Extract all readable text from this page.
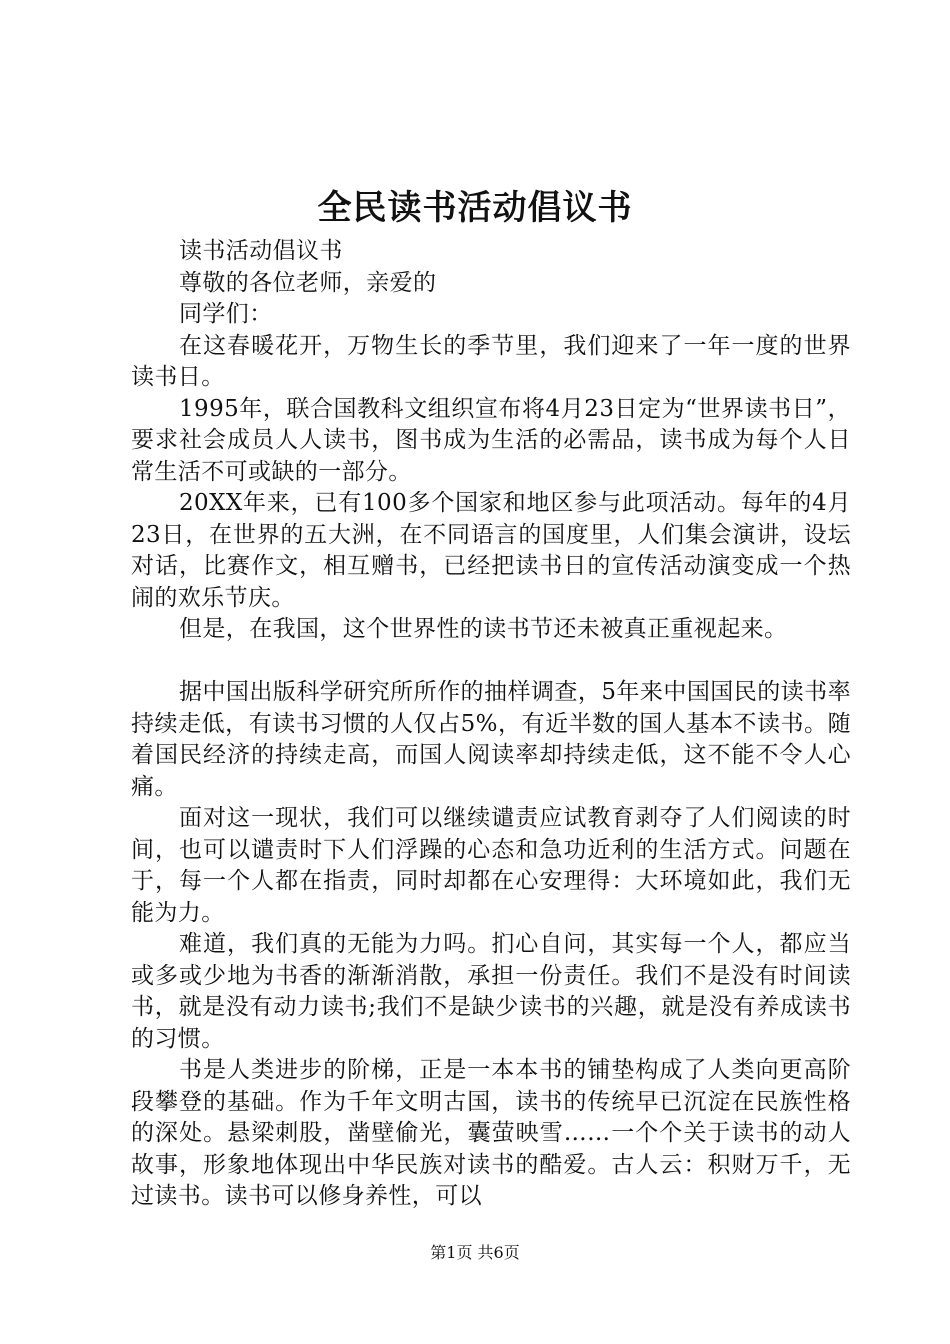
全民读书活动倡议书

读书活动倡议书

尊敬的各位老师，亲爱的

同学们：

在这春暖花开，万物生长的季节里，我们迎来了一年一度的世界读书日。

1995年，联合国教科文组织宣布将4月23日定为“世界读书日”，要求社会成员人人读书，图书成为生活的必需品，读书成为每个人日常生活不可或缺的一部分。

20XX年来，已有100多个国家和地区参与此项活动。每年的4月23日，在世界的五大洲，在不同语言的国度里，人们集会演讲，设坛对话，比赛作文，相互赠书，已经把读书日的宣传活动演变成一个热闹的欢乐节庆。

但是，在我国，这个世界性的读书节还未被真正重视起来。

据中国出版科学研究所所作的抽样调查，5年来中国国民的读书率持续走低，有读书习惯的人仅占5%，有近半数的国人基本不读书。随着国民经济的持续走高，而国人阅读率却持续走低，这不能不令人心痛。

面对这一现状，我们可以继续谴责应试教育剥夺了人们阅读的时间，也可以谴责时下人们浮躁的心态和急功近利的生活方式。问题在于，每一个人都在指责，同时却都在心安理得：大环境如此，我们无能为力。

难道，我们真的无能为力吗。扪心自问，其实每一个人，都应当或多或少地为书香的渐渐消散，承担一份责任。我们不是没有时间读书，就是没有动力读书;我们不是缺少读书的兴趣，就是没有养成读书的习惯。

书是人类进步的阶梯，正是一本本书的铺垫构成了人类向更高阶段攀登的基础。作为千年文明古国，读书的传统早已沉淀在民族性格的深处。悬梁刺股，凿壁偷光，囊萤映雪……一个个关于读书的动人故事，形象地体现出中华民族对读书的酷爱。古人云：积财万千，无过读书。读书可以修身养性，可以

第1页 共6页
